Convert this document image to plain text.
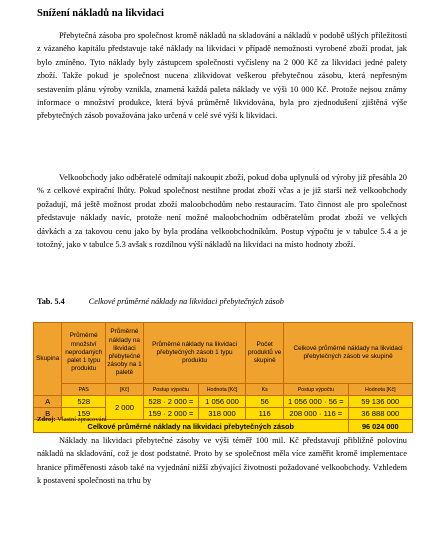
Snížení nákladů na likvidaci

Přebytečná zásoba pro společnost kromě nákladů na skladování a nákladů v podobě ušlých příležitostí z vázaného kapitálu představuje také náklady na likvidaci v případě nemožnosti vyrobené zboží prodat, jak bylo zmíněno. Tyto náklady byly zástupcem společnosti vyčísleny na 2 000 Kč za likvidaci jedné palety zboží. Takže pokud je společnost nucena zlikvidovat veškerou přebytečnou zásobu, která nepřesným sestavením plánu výroby vznikla, znamená každá paleta náklady ve výši 10 000 Kč. Protože nejsou známy informace o množství produkce, která bývá průměrně likvidována, byla pro zjednodušení zjištěná výše přebytečných zásob považována jako určená v celé své výši k likvidaci.

Velkoobchody jako odběratelé odmítají nakoupit zboží, pokud doba uplynulá od výroby již přesáhla 20 % z celkové expirační lhůty. Pokud společnost nestihne prodat zboží včas a je již starší než velkoobchody požadují, má ještě možnost prodat zboží maloobchodům nebo restauracím. Tato činnost ale pro společnost představuje náklady navíc, protože není možné maloobchodním odběratelům prodat zboží ve velkých dávkách a za takovou cenu jako by byla prodána velkoobchodníkům. Postup výpočtu je v tabulce 5.4 a je totožný, jako v tabulce 5.3 avšak s rozdílnou výší nákladů na likvidaci na místo hodnoty zboží.

Tab. 5.4	Celkové průměrné náklady na likvidaci přebytečných zásob
Skupina	Průměrné množství neprodaných palet 1 typu produktu	Průměrné náklady na likvidaci přebytečné zásoby na 1 paletě	Průměrné náklady na likvidaci přebytečných zásob 1 typu produktu		Počet produktů ve skupině	Celkové průměrné náklady na likvidaci přebytečných zásob ve skupině	
	PAS	[Kč]	Postup výpočtu	Hodnota [Kč]	Ks	Postup výpočtu	Hodnota [Kč]
A	528	2 000	528 · 2 000 =	1 056 000	56	1 056 000 · 56 =	59 136 000
B	159		159 · 2 000 =	318 000	116	208 000 · 116 =	36 888 000
Celkové průměrné náklady na likvidaci přebytečných zásob							96 024 000
Zdroj: Vlastní zpracování

Náklady na likvidaci přebytečné zásoby ve výši téměř 100 mil. Kč představují přibližně polovinu nákladů na skladování, což je dost podstatné. Proto by se společnost měla více zaměřit kromě implementace hranice přiměřenosti zásob také na vyjednání nižší zbývající životnosti požadované velkoobchody. Vzhledem k postavení společnosti na trhu by
